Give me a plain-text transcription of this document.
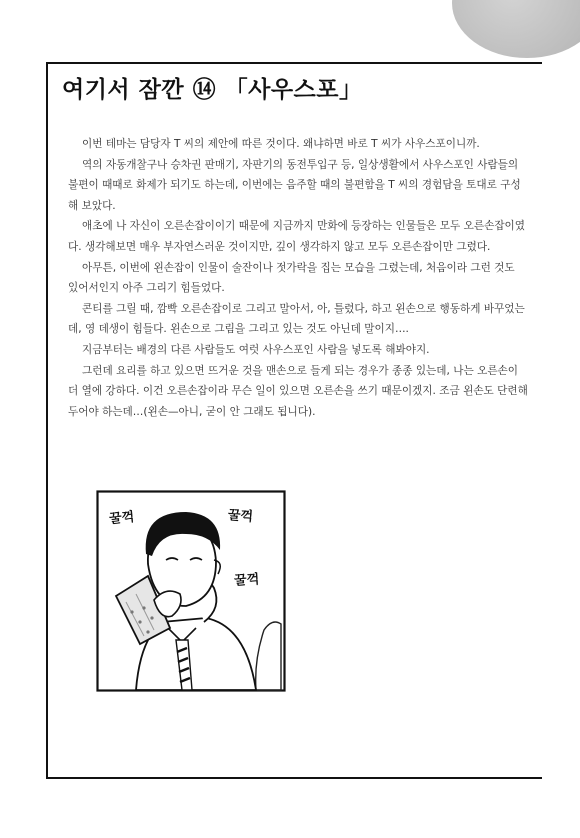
여기서 잠깐 ⑭ 「사우스포」

이번 테마는 담당자 T 씨의 제안에 따른 것이다. 왜냐하면 바로 T 씨가 사우스포이니까.

역의 자동개찰구나 승차권 판매기, 자판기의 동전투입구 등, 일상생활에서 사우스포인 사람들의 불편이 때때로 화제가 되기도 하는데, 이번에는 음주할 때의 불편함을 T 씨의 경험담을 토대로 구성해 보았다.

애초에 나 자신이 오른손잡이이기 때문에 지금까지 만화에 등장하는 인물들은 모두 오른손잡이였다. 생각해보면 매우 부자연스러운 것이지만, 깊이 생각하지 않고 모두 오른손잡이만 그렸다.

아무튼, 이번에 왼손잡이 인물이 술잔이나 젓가락을 집는 모습을 그렸는데, 처음이라 그런 것도 있어서인지 아주 그리기 힘들었다.

콘티를 그릴 때, 깜빡 오른손잡이로 그리고 말아서, 아, 틀렸다, 하고 왼손으로 행동하게 바꾸었는데, 영 데생이 힘들다. 왼손으로 그림을 그리고 있는 것도 아닌데 말이지….

지금부터는 배경의 다른 사람들도 여럿 사우스포인 사람을 넣도록 해봐야지.

그런데 요리를 하고 있으면 뜨거운 것을 맨손으로 들게 되는 경우가 종종 있는데, 나는 오른손이 더 열에 강하다. 이건 오른손잡이라 무슨 일이 있으면 오른손을 쓰기 때문이겠지. 조금 왼손도 단련해 두어야 하는데…(왼손—아니, 굳이 안 그래도 됩니다).

꿀꺽	꿀꺽
꿀꺽
